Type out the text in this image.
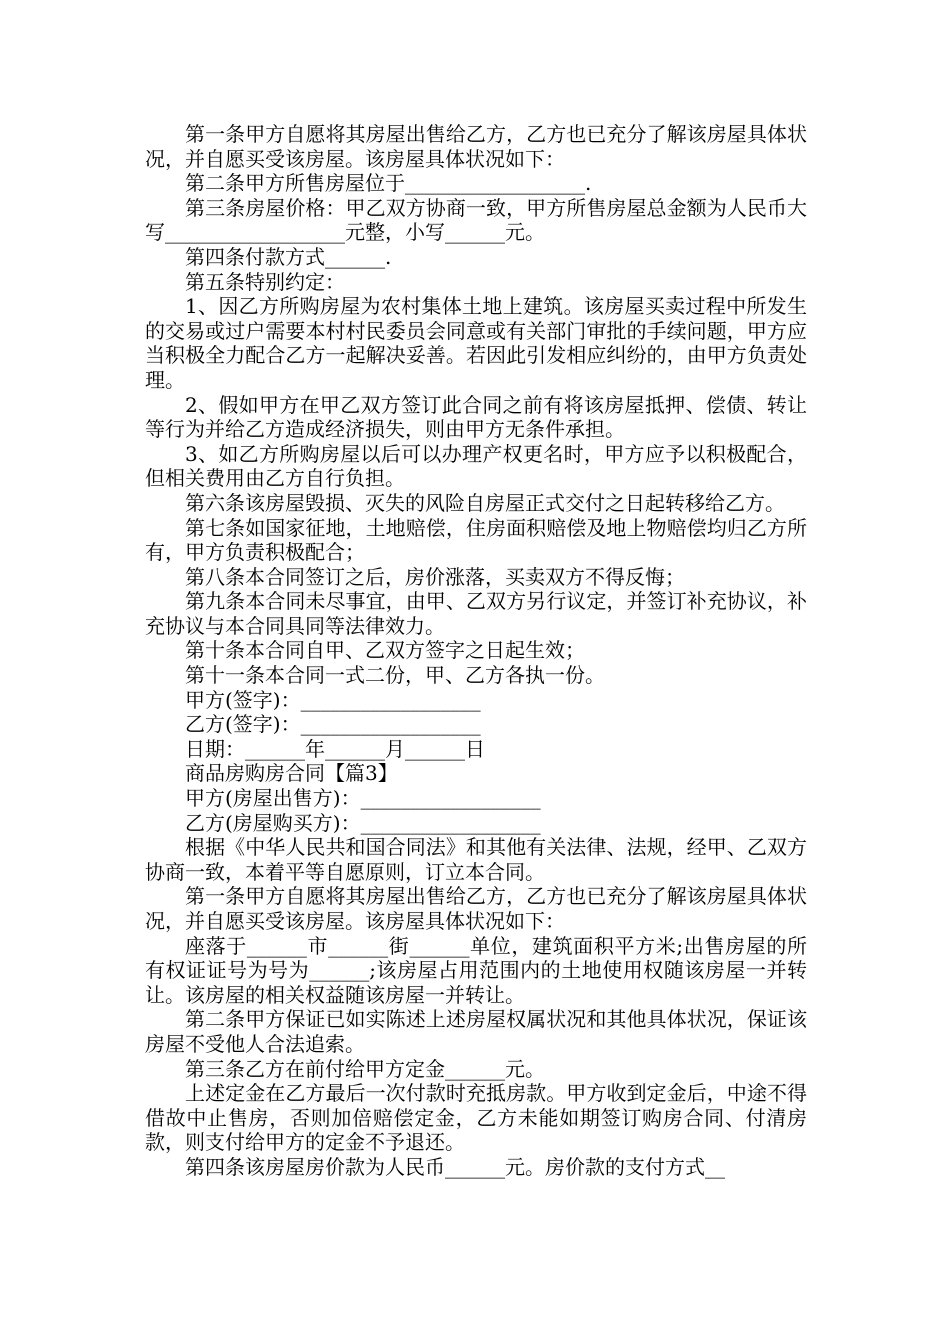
第一条甲方自愿将其房屋出售给乙方，乙方也已充分了解该房屋具体状况，并自愿买受该房屋。该房屋具体状况如下：

第二条甲方所售房屋位于__________________.

第三条房屋价格：甲乙双方协商一致，甲方所售房屋总金额为人民币大写__________________元整，小写______元。

第四条付款方式______.

第五条特别约定：

1、因乙方所购房屋为农村集体土地上建筑。该房屋买卖过程中所发生的交易或过户需要本村村民委员会同意或有关部门审批的手续问题，甲方应当积极全力配合乙方一起解决妥善。若因此引发相应纠纷的，由甲方负责处理。

2、假如甲方在甲乙双方签订此合同之前有将该房屋抵押、偿债、转让等行为并给乙方造成经济损失，则由甲方无条件承担。

3、如乙方所购房屋以后可以办理产权更名时，甲方应予以积极配合，但相关费用由乙方自行负担。

第六条该房屋毁损、灭失的风险自房屋正式交付之日起转移给乙方。

第七条如国家征地，土地赔偿，住房面积赔偿及地上物赔偿均归乙方所有，甲方负责积极配合；

第八条本合同签订之后，房价涨落，买卖双方不得反悔；

第九条本合同未尽事宜，由甲、乙双方另行议定，并签订补充协议，补充协议与本合同具同等法律效力。

第十条本合同自甲、乙双方签字之日起生效；

第十一条本合同一式二份，甲、乙方各执一份。

甲方(签字)：__________________

乙方(签字)：__________________

日期：______年______月______日

商品房购房合同【篇3】

甲方(房屋出售方)：__________________

乙方(房屋购买方)：__________________

根据《中华人民共和国合同法》和其他有关法律、法规，经甲、乙双方协商一致，本着平等自愿原则，订立本合同。

第一条甲方自愿将其房屋出售给乙方，乙方也已充分了解该房屋具体状况，并自愿买受该房屋。该房屋具体状况如下：

座落于______市______街______单位，建筑面积平方米;出售房屋的所有权证证号为号为______;该房屋占用范围内的土地使用权随该房屋一并转让。该房屋的相关权益随该房屋一并转让。

第二条甲方保证已如实陈述上述房屋权属状况和其他具体状况，保证该房屋不受他人合法追索。

第三条乙方在前付给甲方定金______元。

上述定金在乙方最后一次付款时充抵房款。甲方收到定金后，中途不得借故中止售房，否则加倍赔偿定金，乙方未能如期签订购房合同、付清房款，则支付给甲方的定金不予退还。

第四条该房屋房价款为人民币______元。房价款的支付方式__
